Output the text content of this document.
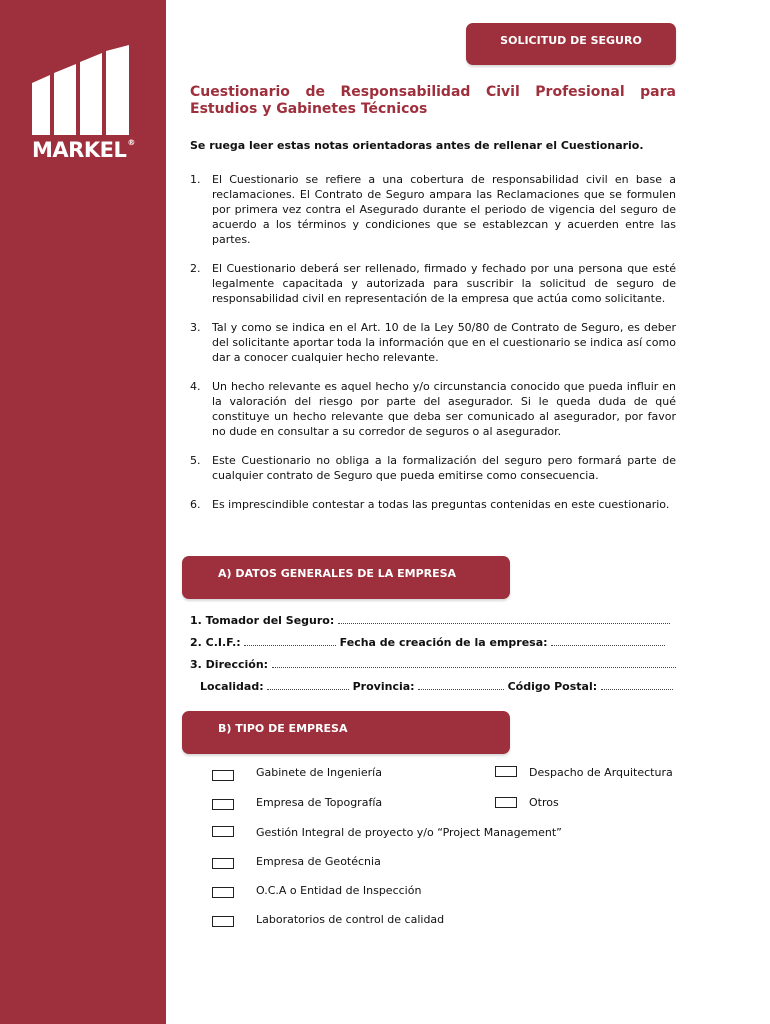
MARKEL®
SOLICITUD DE SEGURO
Cuestionario de Responsabilidad Civil Profesional para
Estudios y Gabinetes Técnicos
Se ruega leer estas notas orientadoras antes de rellenar el Cuestionario.
1. El Cuestionario se refiere a una cobertura de responsabilidad civil en base a reclamaciones. El Contrato de Seguro ampara las Reclamaciones que se formulen por primera vez contra el Asegurado durante el periodo de vigencia del seguro de acuerdo a los términos y condiciones que se establezcan y acuerden entre las partes.
2. El Cuestionario deberá ser rellenado, firmado y fechado por una persona que esté legalmente capacitada y autorizada para suscribir la solicitud de seguro de responsabilidad civil en representación de la empresa que actúa como solicitante.
3. Tal y como se indica en el Art. 10 de la Ley 50/80 de Contrato de Seguro, es deber del solicitante aportar toda la información que en el cuestionario se indica así como dar a conocer cualquier hecho relevante.
4. Un hecho relevante es aquel hecho y/o circunstancia conocido que pueda influir en la valoración del riesgo por parte del asegurador. Si le queda duda de qué constituye un hecho relevante que deba ser comunicado al asegurador, por favor no dude en consultar a su corredor de seguros o al asegurador.
5. Este Cuestionario no obliga a la formalización del seguro pero formará parte de cualquier contrato de Seguro que pueda emitirse como consecuencia.
6. Es imprescindible contestar a todas las preguntas contenidas en este cuestionario.
A) DATOS GENERALES DE LA EMPRESA
1. Tomador del Seguro:
2. C.I.F.:	Fecha de creación de la empresa:
3. Dirección:
Localidad:	Provincia:	Código Postal:
B) TIPO DE EMPRESA
Gabinete de Ingeniería	Despacho de Arquitectura
Empresa de Topografía	Otros
Gestión Integral de proyecto y/o “Project Management”
Empresa de Geotécnia
O.C.A o Entidad de Inspección
Laboratorios de control de calidad
